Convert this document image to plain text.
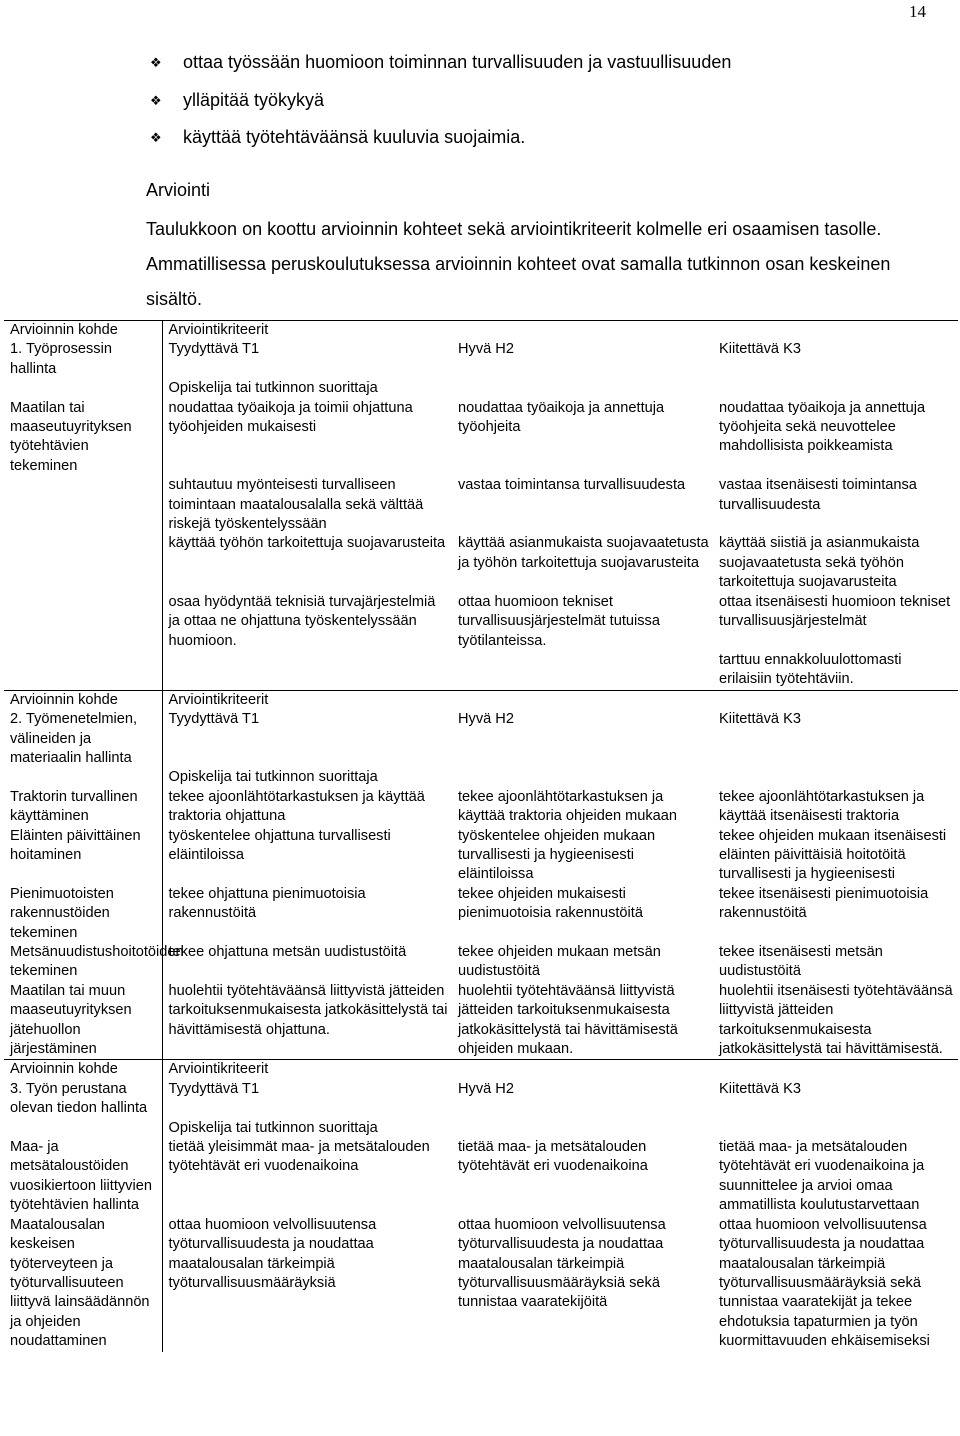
14
❖	ottaa työssään huomioon toiminnan turvallisuuden ja vastuullisuuden
❖	ylläpitää työkykyä
❖	käyttää työtehtäväänsä kuuluvia suojaimia.
Arviointi

Taulukkoon on koottu arvioinnin kohteet sekä arviointikriteerit kolmelle eri osaamisen tasolle. Ammatillisessa peruskoulutuksessa arvioinnin kohteet ovat samalla tutkinnon osan keskeinen sisältö.

Arvioinnin kohde	Arviointikriteerit		
1. Työprosessin hallinta	Tyydyttävä T1	Hyvä H2	Kiitettävä K3
	Opiskelija tai tutkinnon suorittaja		
Maatilan tai maaseutuyrityksen työtehtävien tekeminen	noudattaa työaikoja ja toimii ohjattuna työohjeiden mukaisesti	noudattaa työaikoja ja annettuja työohjeita	noudattaa työaikoja ja annettuja työohjeita sekä neuvottelee mahdollisista poikkeamista
	suhtautuu myönteisesti turvalliseen toimintaan maatalousalalla sekä välttää riskejä työskentelyssään	vastaa toimintansa turvallisuudesta	vastaa itsenäisesti toimintansa turvallisuudesta
	käyttää työhön tarkoitettuja suojavarusteita	käyttää asianmukaista suojavaatetusta ja työhön tarkoitettuja suojavarusteita	käyttää siistiä ja asianmukaista suojavaatetusta sekä työhön tarkoitettuja suojavarusteita
	osaa hyödyntää teknisiä turvajärjestelmiä ja ottaa ne ohjattuna työskentelyssään huomioon.	ottaa huomioon tekniset turvallisuusjärjestelmät tutuissa työtilanteissa.	ottaa itsenäisesti huomioon tekniset turvallisuusjärjestelmät
			tarttuu ennakkoluulottomasti erilaisiin työtehtäviin.
Arvioinnin kohde	Arviointikriteerit		
2. Työmenetelmien, välineiden ja materiaalin hallinta	Tyydyttävä T1	Hyvä H2	Kiitettävä K3
	Opiskelija tai tutkinnon suorittaja		
Traktorin turvallinen käyttäminen	tekee ajoonlähtötarkastuksen ja käyttää traktoria ohjattuna	tekee ajoonlähtötarkastuksen ja käyttää traktoria ohjeiden mukaan	tekee ajoonlähtötarkastuksen ja käyttää itsenäisesti traktoria
Eläinten päivittäinen hoitaminen	työskentelee ohjattuna turvallisesti eläintiloissa	työskentelee ohjeiden mukaan turvallisesti ja hygieenisesti eläintiloissa	tekee ohjeiden mukaan itsenäisesti eläinten päivittäisiä hoitotöitä turvallisesti ja hygieenisesti
Pienimuotoisten rakennustöiden tekeminen	tekee ohjattuna pienimuotoisia rakennustöitä	tekee ohjeiden mukaisesti pienimuotoisia rakennustöitä	tekee itsenäisesti pienimuotoisia rakennustöitä
Metsänuudistushoitotöiden tekeminen	tekee ohjattuna metsän uudistustöitä	tekee ohjeiden mukaan metsän uudistustöitä	tekee itsenäisesti metsän uudistustöitä
Maatilan tai muun maaseutuyrityksen jätehuollon järjestäminen	huolehtii työtehtäväänsä liittyvistä jätteiden tarkoituksenmukaisesta jatkokäsittelystä tai hävittämisestä ohjattuna.	huolehtii työtehtäväänsä liittyvistä jätteiden tarkoituksenmukaisesta jatkokäsittelystä tai hävittämisestä ohjeiden mukaan.	huolehtii itsenäisesti työtehtäväänsä liittyvistä jätteiden tarkoituksenmukaisesta jatkokäsittelystä tai hävittämisestä.
Arvioinnin kohde	Arviointikriteerit		
3. Työn perustana olevan tiedon hallinta	Tyydyttävä T1	Hyvä H2	Kiitettävä K3
	Opiskelija tai tutkinnon suorittaja		
Maa- ja metsätaloustöiden vuosikiertoon liittyvien työtehtävien hallinta	tietää yleisimmät maa- ja metsätalouden työtehtävät eri vuodenaikoina	tietää maa- ja metsätalouden työtehtävät eri vuodenaikoina	tietää maa- ja metsätalouden työtehtävät eri vuodenaikoina ja suunnittelee ja arvioi omaa ammatillista koulutustarvettaan
Maatalousalan keskeisen työterveyteen ja työturvallisuuteen liittyvä lainsäädännön ja ohjeiden noudattaminen	ottaa huomioon velvollisuutensa työturvallisuudesta ja noudattaa maatalousalan tärkeimpiä työturvallisuusmääräyksiä	ottaa huomioon velvollisuutensa työturvallisuudesta ja noudattaa maatalousalan tärkeimpiä työturvallisuusmääräyksiä sekä tunnistaa vaaratekijöitä	ottaa huomioon velvollisuutensa työturvallisuudesta ja noudattaa maatalousalan tärkeimpiä työturvallisuusmääräyksiä sekä tunnistaa vaaratekijät ja tekee ehdotuksia tapaturmien ja työn kuormittavuuden ehkäisemiseksi
